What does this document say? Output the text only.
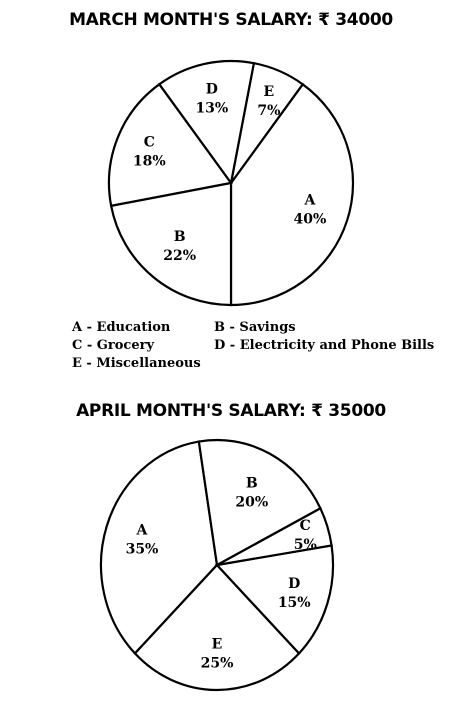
MARCH MONTH'S SALARY: ₹ 34000
A
40%
E
7%
D
13%
C
18%
B
22%
A - Education	B - Savings
C - Grocery	D - Electricity and Phone Bills
E - Miscellaneous
APRIL MONTH'S SALARY: ₹ 35000
A
35%
E
25%
D
15%
C
5%
B
20%
